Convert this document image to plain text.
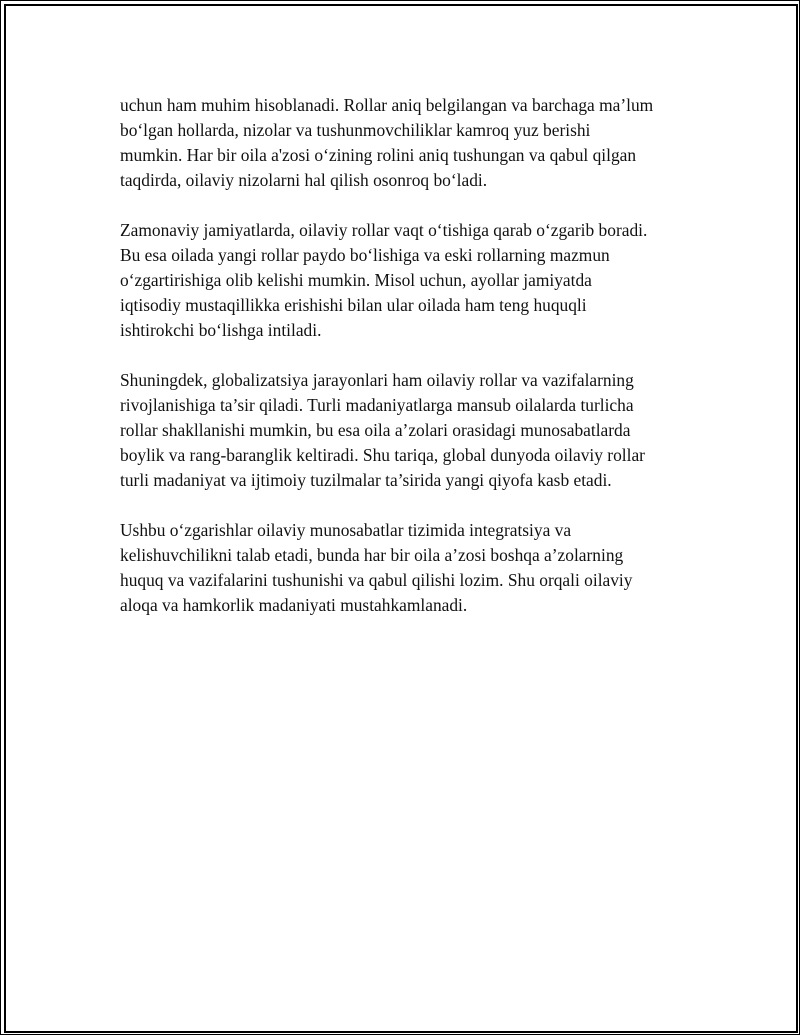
uchun ham muhim hisoblanadi. Rollar aniq belgilangan va barchaga ma’lum
bo‘lgan hollarda, nizolar va tushunmovchiliklar kamroq yuz berishi
mumkin. Har bir oila a'zosi o‘zining rolini aniq tushungan va qabul qilgan
taqdirda, oilaviy nizolarni hal qilish osonroq bo‘ladi.

Zamonaviy jamiyatlarda, oilaviy rollar vaqt o‘tishiga qarab o‘zgarib boradi.
Bu esa oilada yangi rollar paydo bo‘lishiga va eski rollarning mazmun
o‘zgartirishiga olib kelishi mumkin. Misol uchun, ayollar jamiyatda
iqtisodiy mustaqillikka erishishi bilan ular oilada ham teng huquqli
ishtirokchi bo‘lishga intiladi.

Shuningdek, globalizatsiya jarayonlari ham oilaviy rollar va vazifalarning
rivojlanishiga ta’sir qiladi. Turli madaniyatlarga mansub oilalarda turlicha
rollar shakllanishi mumkin, bu esa oila a’zolari orasidagi munosabatlarda
boylik va rang-baranglik keltiradi. Shu tariqa, global dunyoda oilaviy rollar
turli madaniyat va ijtimoiy tuzilmalar ta’sirida yangi qiyofa kasb etadi.

Ushbu o‘zgarishlar oilaviy munosabatlar tizimida integratsiya va
kelishuvchilikni talab etadi, bunda har bir oila a’zosi boshqa a’zolarning
huquq va vazifalarini tushunishi va qabul qilishi lozim. Shu orqali oilaviy
aloqa va hamkorlik madaniyati mustahkamlanadi.
